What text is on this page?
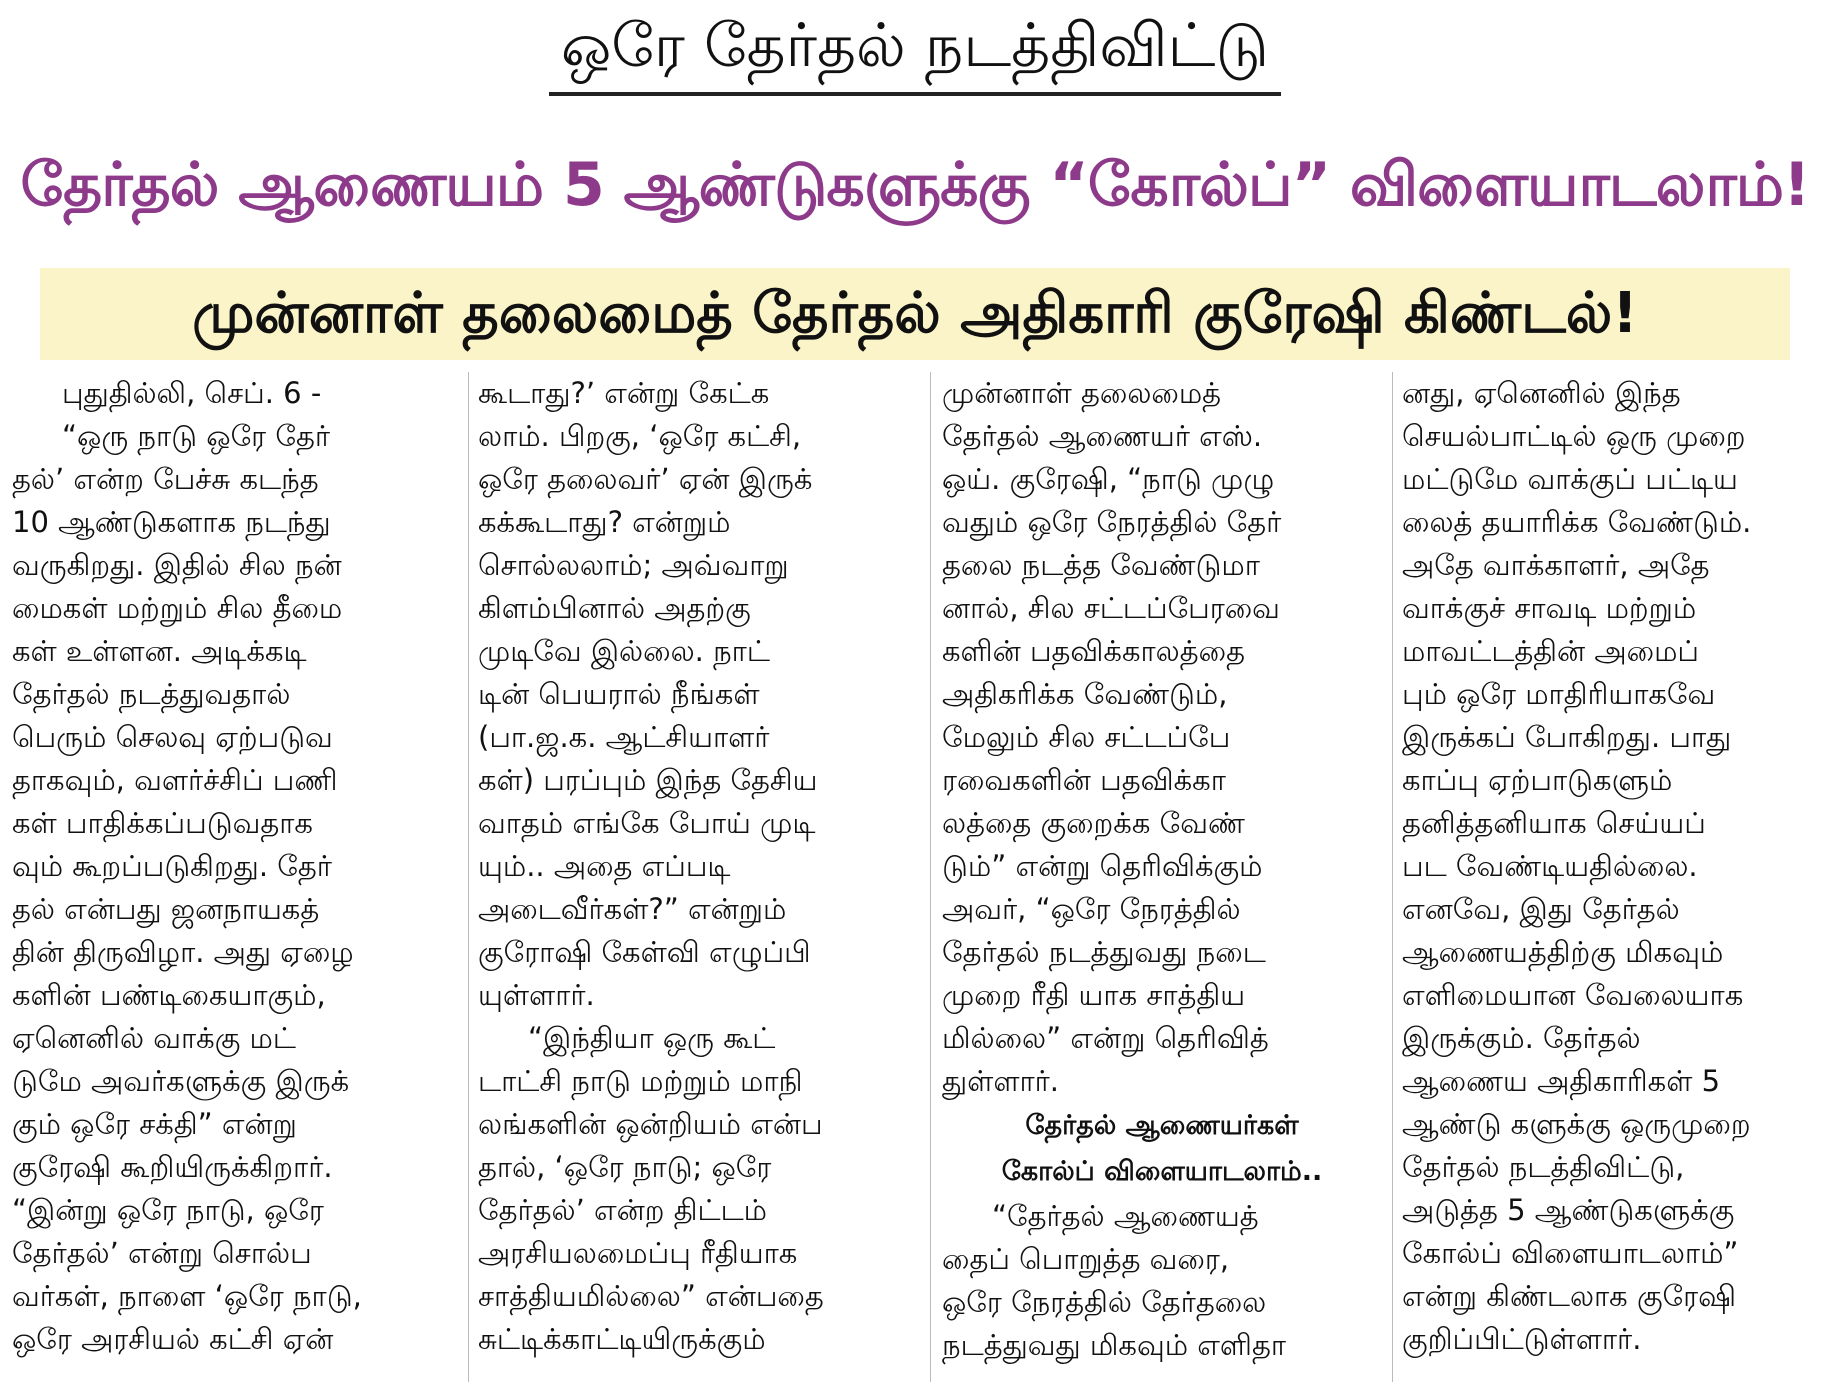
ஒரே தேர்தல் நடத்திவிட்டு
தேர்தல் ஆணையம் 5 ஆண்டுகளுக்கு “கோல்ப்” விளையாடலாம்!
முன்னாள் தலைமைத் தேர்தல் அதிகாரி குரேஷி கிண்டல்!
புதுதில்லி, செப். 6 -
“ஒரு நாடு ஒரே தேர்
தல்’ என்ற பேச்சு கடந்த
10 ஆண்டுகளாக நடந்து
வருகிறது. இதில் சில நன்
மைகள் மற்றும் சில தீமை
கள் உள்ளன. அடிக்கடி
தேர்தல் நடத்துவதால்
பெரும் செலவு ஏற்படுவ
தாகவும், வளர்ச்சிப் பணி
கள் பாதிக்கப்படுவதாக
வும் கூறப்படுகிறது. தேர்
தல் என்பது ஜனநாயகத்
தின் திருவிழா. அது ஏழை
களின் பண்டிகையாகும்,
ஏனெனில் வாக்கு மட்
டுமே அவர்களுக்கு இருக்
கும் ஒரே சக்தி” என்று
குரேஷி கூறியிருக்கிறார்.
“இன்று ஒரே நாடு, ஒரே
தேர்தல்’ என்று சொல்ப
வர்கள், நாளை ‘ஒரே நாடு,
ஒரே அரசியல் கட்சி ஏன்
கூடாது?’ என்று கேட்க
லாம். பிறகு, ‘ஒரே கட்சி,
ஒரே தலைவர்’ ஏன் இருக்
கக்கூடாது? என்றும்
சொல்லலாம்; அவ்வாறு
கிளம்பினால் அதற்கு
முடிவே இல்லை. நாட்
டின் பெயரால் நீங்கள்
(பா.ஜ.க. ஆட்சியாளர்
கள்) பரப்பும் இந்த தேசிய
வாதம் எங்கே போய் முடி
யும்.. அதை எப்படி
அடைவீர்கள்?” என்றும்
குரோஷி கேள்வி எழுப்பி
யுள்ளார்.
“இந்தியா ஒரு கூட்
டாட்சி நாடு மற்றும் மாநி
லங்களின் ஒன்றியம் என்ப
தால், ‘ஒரே நாடு; ஒரே
தேர்தல்’ என்ற திட்டம்
அரசியலமைப்பு ரீதியாக
சாத்தியமில்லை” என்பதை
சுட்டிக்காட்டியிருக்கும்
முன்னாள் தலைமைத்
தேர்தல் ஆணையர் எஸ்.
ஒய். குரேஷி, “நாடு முழு
வதும் ஒரே நேரத்தில் தேர்
தலை நடத்த வேண்டுமா
னால், சில சட்டப்பேரவை
களின் பதவிக்காலத்தை
அதிகரிக்க வேண்டும்,
மேலும் சில சட்டப்பே
ரவைகளின் பதவிக்கா
லத்தை குறைக்க வேண்
டும்” என்று தெரிவிக்கும்
அவர், “ஒரே நேரத்தில்
தேர்தல் நடத்துவது நடை
முறை ரீதி யாக சாத்திய
மில்லை” என்று தெரிவித்
துள்ளார்.
தேர்தல் ஆணையர்கள்
கோல்ப் விளையாடலாம்..
“தேர்தல் ஆணையத்
தைப் பொறுத்த வரை,
ஒரே நேரத்தில் தேர்தலை
நடத்துவது மிகவும் எளிதா
னது, ஏனெனில் இந்த
செயல்பாட்டில் ஒரு முறை
மட்டுமே வாக்குப் பட்டிய
லைத் தயாரிக்க வேண்டும்.
அதே வாக்காளர், அதே
வாக்குச் சாவடி மற்றும்
மாவட்டத்தின் அமைப்
பும் ஒரே மாதிரியாகவே
இருக்கப் போகிறது. பாது
காப்பு ஏற்பாடுகளும்
தனித்தனியாக செய்யப்
பட வேண்டியதில்லை.
எனவே, இது தேர்தல்
ஆணையத்திற்கு மிகவும்
எளிமையான வேலையாக
இருக்கும். தேர்தல்
ஆணைய அதிகாரிகள் 5
ஆண்டு களுக்கு ஒருமுறை
தேர்தல் நடத்திவிட்டு,
அடுத்த 5 ஆண்டுகளுக்கு
கோல்ப் விளையாடலாம்”
என்று கிண்டலாக குரேஷி
குறிப்பிட்டுள்ளார்.
